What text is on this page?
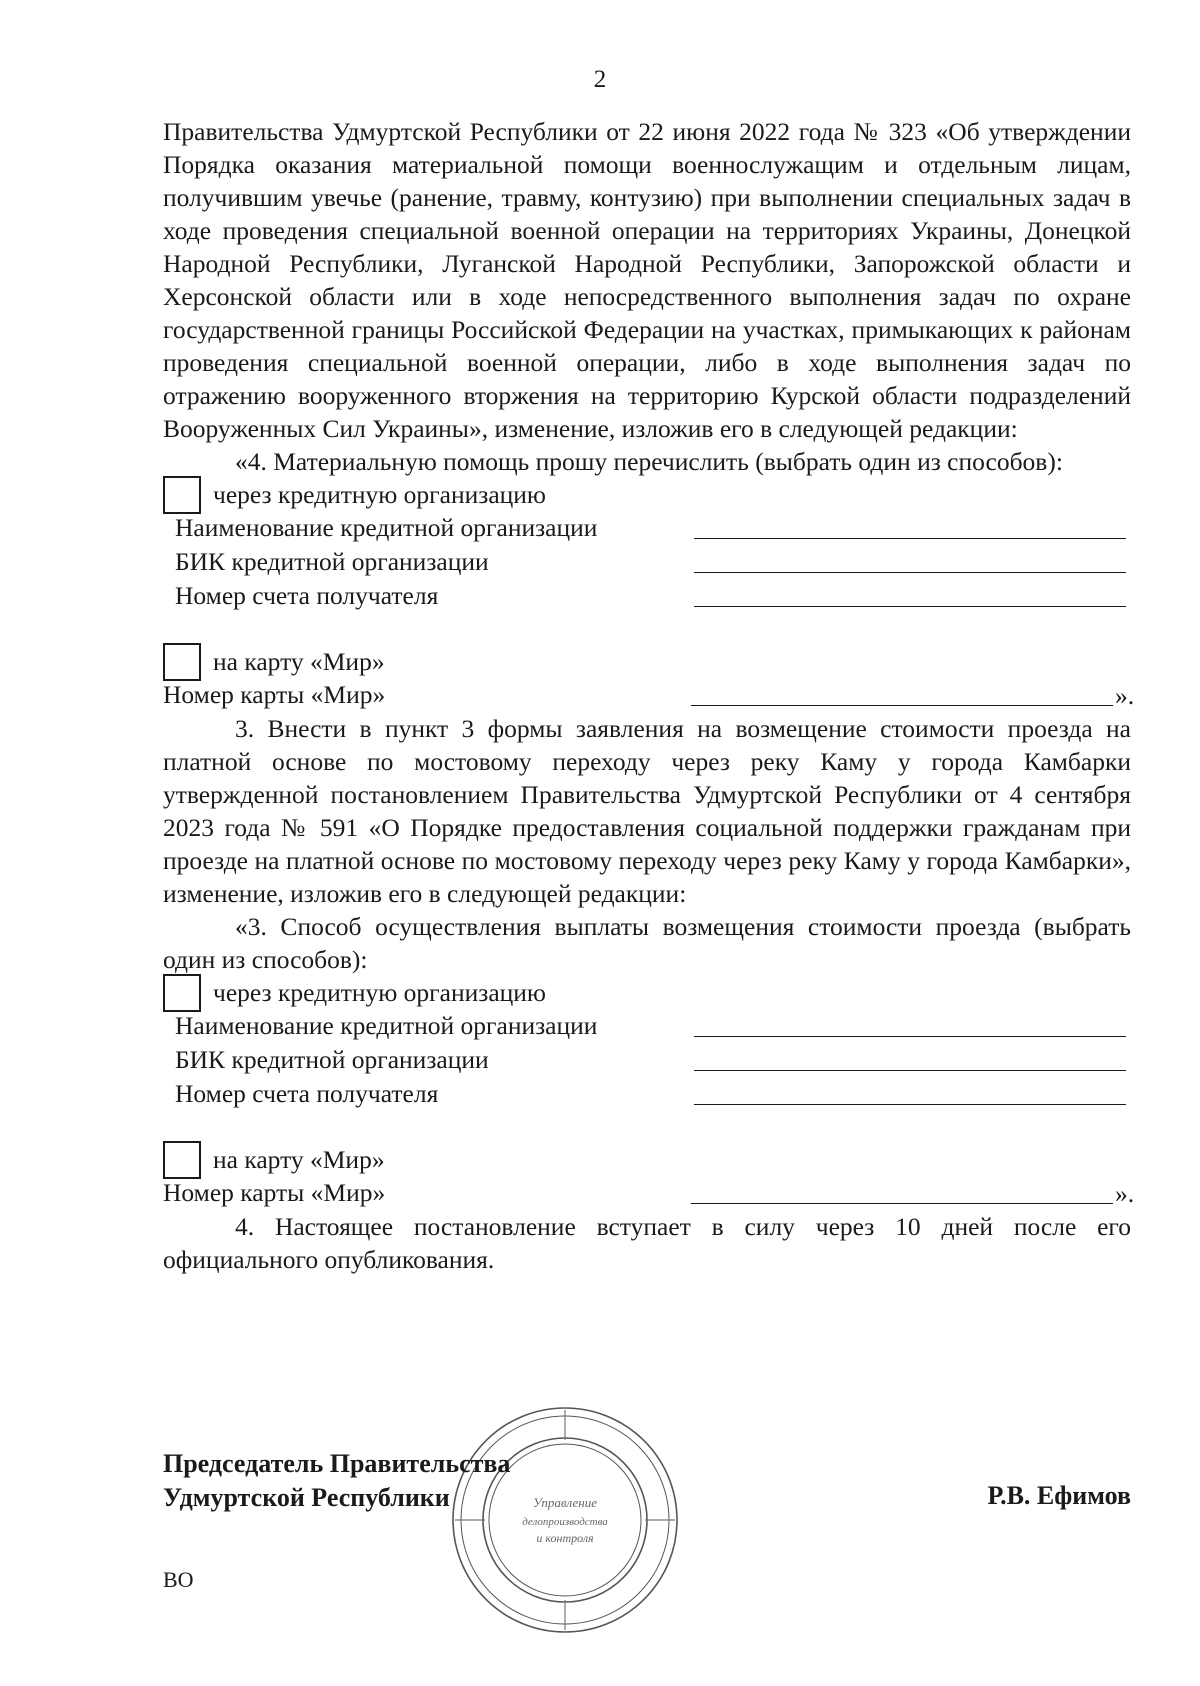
2

Правительства Удмуртской Республики от 22 июня 2022 года № 323 «Об утверждении Порядка оказания материальной помощи военнослужащим и отдельным лицам, получившим увечье (ранение, травму, контузию) при выполнении специальных задач в ходе проведения специальной военной операции на территориях Украины, Донецкой Народной Республики, Луганской Народной Республики, Запорожской области и Херсонской области или в ходе непосредственного выполнения задач по охране государственной границы Российской Федерации на участках, примыкающих к районам проведения специальной военной операции, либо в ходе выполнения задач по отражению вооруженного вторжения на территорию Курской области подразделений Вооруженных Сил Украины», изменение, изложив его в следующей редакции:

«4. Материальную помощь прошу перечислить (выбрать один из способов):

через кредитную организацию
Наименование кредитной организации
БИК кредитной организации
Номер счета получателя
на карту «Мир»
Номер карты «Мир»	».

3. Внести в пункт 3 формы заявления на возмещение стоимости проезда на платной основе по мостовому переходу через реку Каму у города Камбарки утвержденной постановлением Правительства Удмуртской Республики от 4 сентября 2023 года № 591 «О Порядке предоставления социальной поддержки гражданам при проезде на платной основе по мостовому переходу через реку Каму у города Камбарки», изменение, изложив его в следующей редакции:

«3. Способ осуществления выплаты возмещения стоимости проезда (выбрать один из способов):

через кредитную организацию
Наименование кредитной организации
БИК кредитной организации
Номер счета получателя
на карту «Мир»
Номер карты «Мир»	».

4. Настоящее постановление вступает в силу через 10 дней после его официального опубликования.

Управление
делопроизводства
и контроля
Председатель Правительства
Удмуртской Республики	Р.В. Ефимов
ВО
